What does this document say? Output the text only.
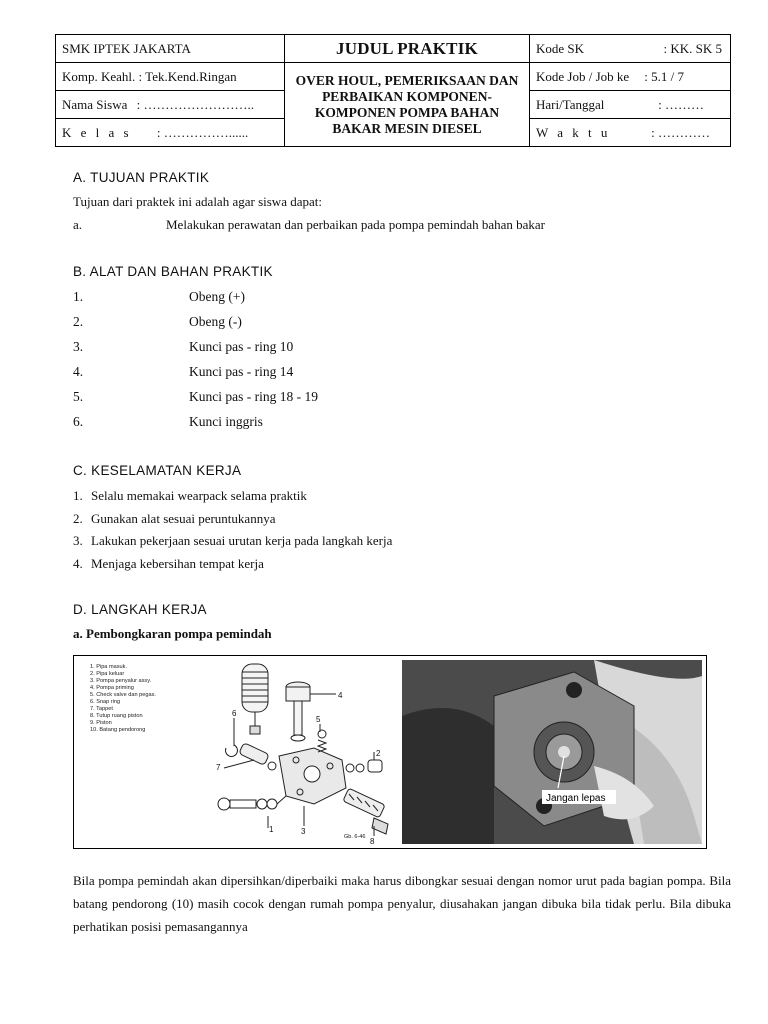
SMK IPTEK JAKARTA	JUDUL PRAKTIK	Kode SK : KK. SK 5

Komp. Keahl. : Tek.Kend.Ringan	OVER HOUL, PEMERIKSAAN DAN PERBAIKAN KOMPONEN-KOMPONEN POMPA BAHAN BAKAR MESIN DIESEL	Kode Job / Job ke : 5.1 / 7

Nama Siswa : ……………………..		Hari/Tanggal : ………

K e l a s : ……………......		W a k t u : …………
A. TUJUAN PRAKTIK
Tujuan dari praktek ini adalah agar siswa dapat:
a.	Melakukan perawatan dan perbaikan pada pompa pemindah bahan bakar
B. ALAT DAN BAHAN PRAKTIK
1.	Obeng (+)
2.	Obeng (-)
3.	Kunci pas - ring 10
4.	Kunci pas - ring 14
5.	Kunci pas - ring 18 - 19
6.	Kunci inggris
C. KESELAMATAN KERJA
1. Selalu memakai wearpack selama praktik
2. Gunakan alat sesuai peruntukannya
3. Lakukan pekerjaan sesuai urutan kerja pada langkah kerja
4. Menjaga kebersihan tempat kerja
D. LANGKAH KERJA
a. Pembongkaran pompa pemindah
1. Pipa masuk.
2. Pipa keluar
3. Pompa penyalur assy.
4. Pompa priming
5. Check valve dan pegas.
6. Snap ring
7. Tappet
8. Tutup ruang piston
9. Piston
10. Batang pendorong
1
2
3
4
5
6
7
8
Gb. 6-46
Jangan lepas
Bila pompa pemindah akan dipersihkan/diperbaiki maka harus dibongkar sesuai dengan nomor urut pada bagian pompa. Bila batang pendorong (10) masih cocok dengan rumah pompa penyalur, diusahakan jangan dibuka bila tidak perlu. Bila dibuka perhatikan posisi pemasangannya
